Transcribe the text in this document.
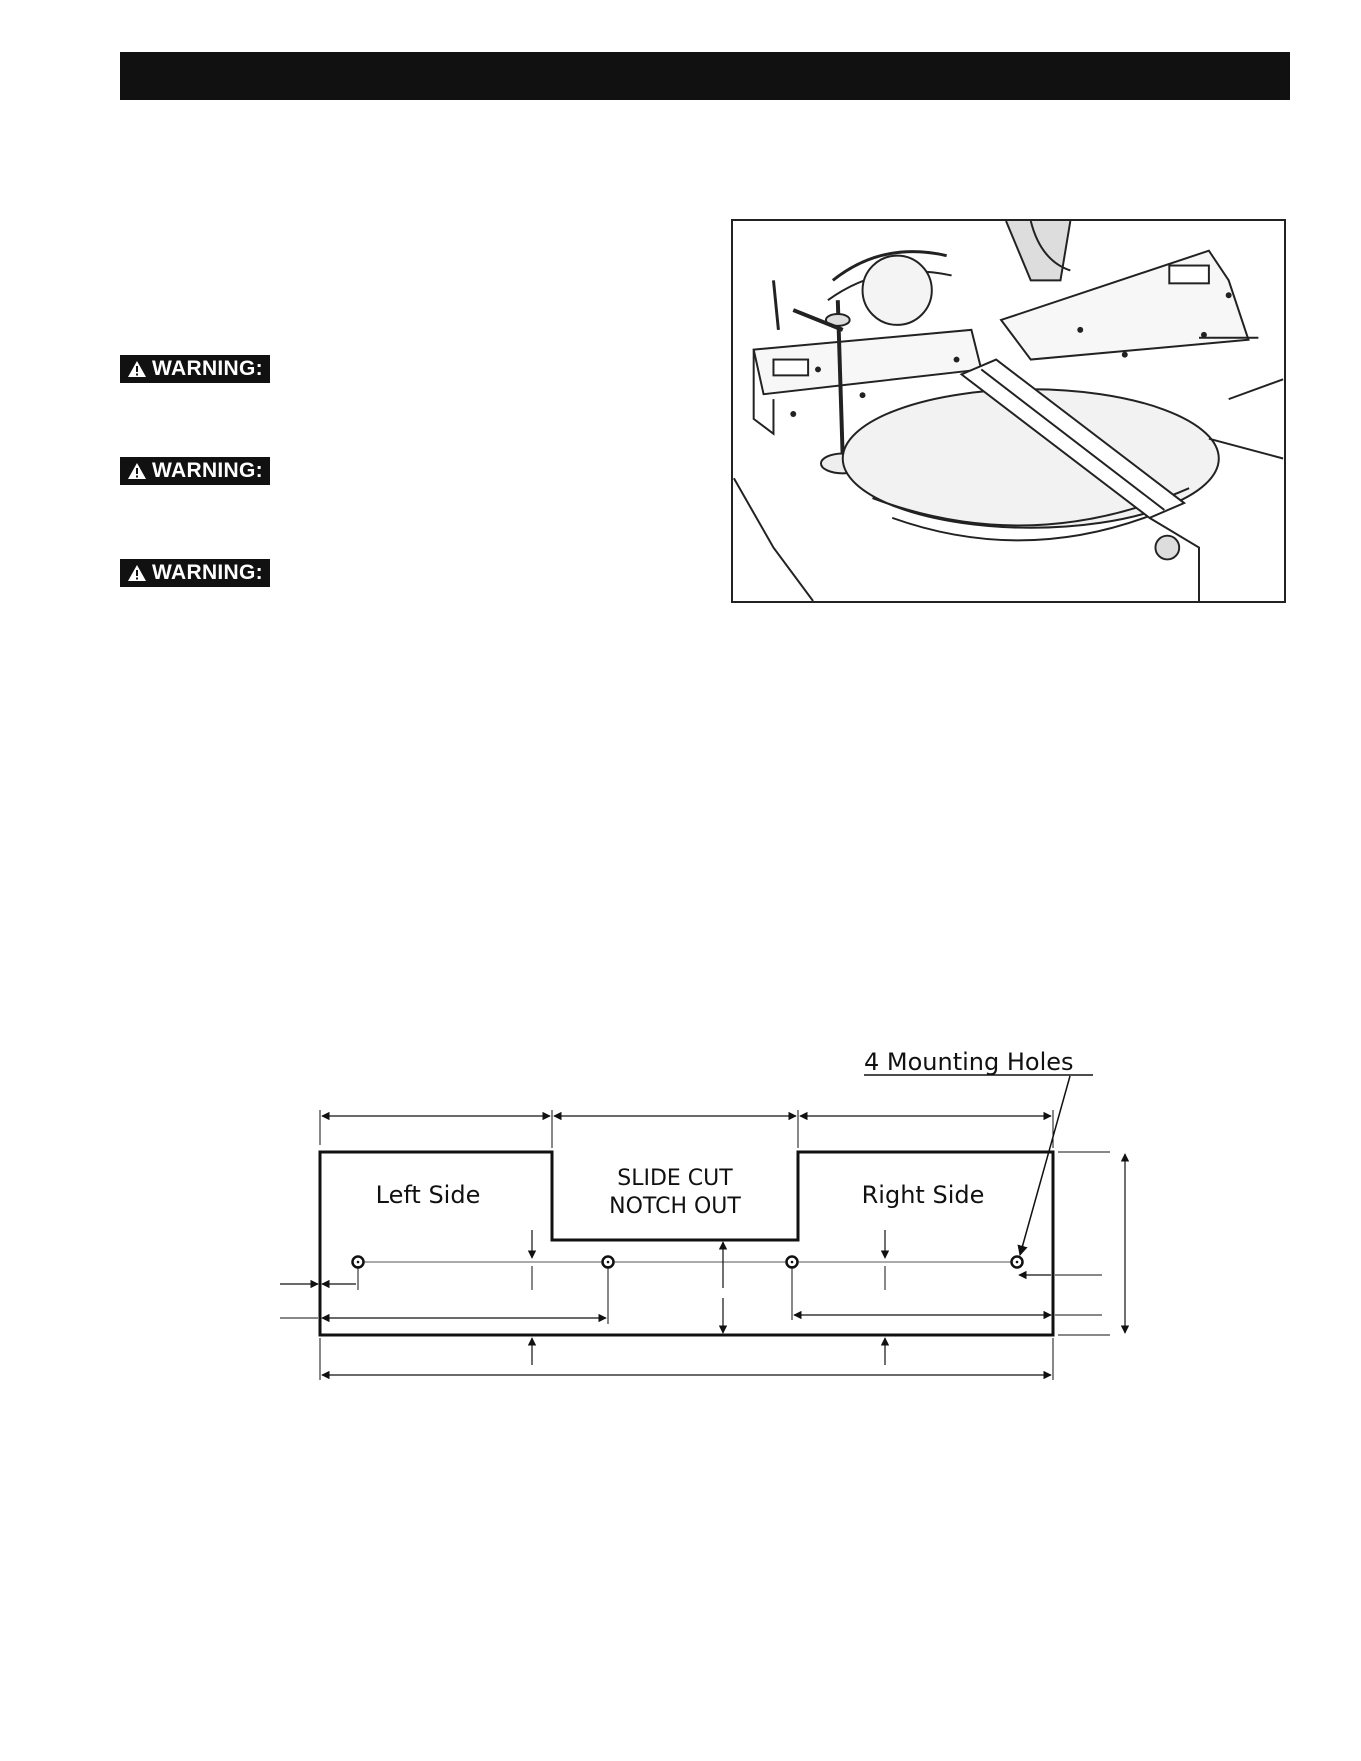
WARNING:
WARNING:
WARNING:
4 Mounting Holes
Left Side
SLIDE CUT
NOTCH OUT	Right Side
